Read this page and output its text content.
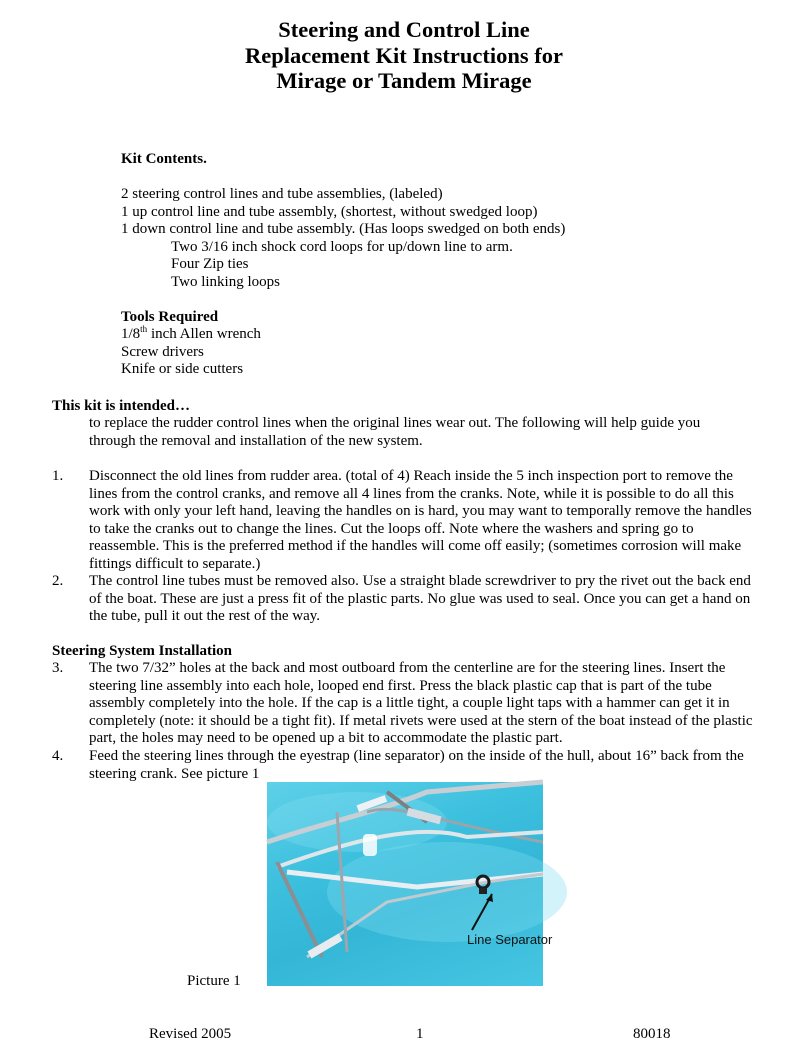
Steering and Control Line
Replacement Kit Instructions for
Mirage or Tandem Mirage
Kit Contents.
2 steering control lines and tube assemblies, (labeled)
1 up control line and tube assembly, (shortest, without swedged loop)
1 down control line and tube assembly. (Has loops swedged on both ends)
Two 3/16 inch shock cord loops for up/down line to arm.
Four Zip ties
Two linking loops
Tools Required
1/8th inch Allen wrench
Screw drivers
Knife or side cutters
This kit is intended…
to replace the rudder control lines when the original lines wear out. The following will help guide you through the removal and installation of the new system.
1. Disconnect the old lines from rudder area. (total of 4) Reach inside the 5 inch inspection port to remove the lines from the control cranks, and remove all 4 lines from the cranks. Note, while it is possible to do all this work with only your left hand, leaving the handles on is hard, you may want to temporally remove the handles to take the cranks out to change the lines. Cut the loops off. Note where the washers and spring go to reassemble. This is the preferred method if the handles will come off easily; (sometimes corrosion will make fittings difficult to separate.)
2. The control line tubes must be removed also. Use a straight blade screwdriver to pry the rivet out the back end of the boat. These are just a press fit of the plastic parts. No glue was used to seal. Once you can get a hand on the tube, pull it out the rest of the way.
Steering System Installation
3. The two 7/32” holes at the back and most outboard from the centerline are for the steering lines. Insert the steering line assembly into each hole, looped end first. Press the black plastic cap that is part of the tube assembly completely into the hole. If the cap is a little tight, a couple light taps with a hammer can get it in completely (note: it should be a tight fit). If metal rivets were used at the stern of the boat instead of the plastic part, the holes may need to be opened up a bit to accommodate the plastic part.
4. Feed the steering lines through the eyestrap (line separator) on the inside of the hull, about 16” back from the steering crank. See picture 1
Line Separator
Picture 1
Revised 2005	1	80018
